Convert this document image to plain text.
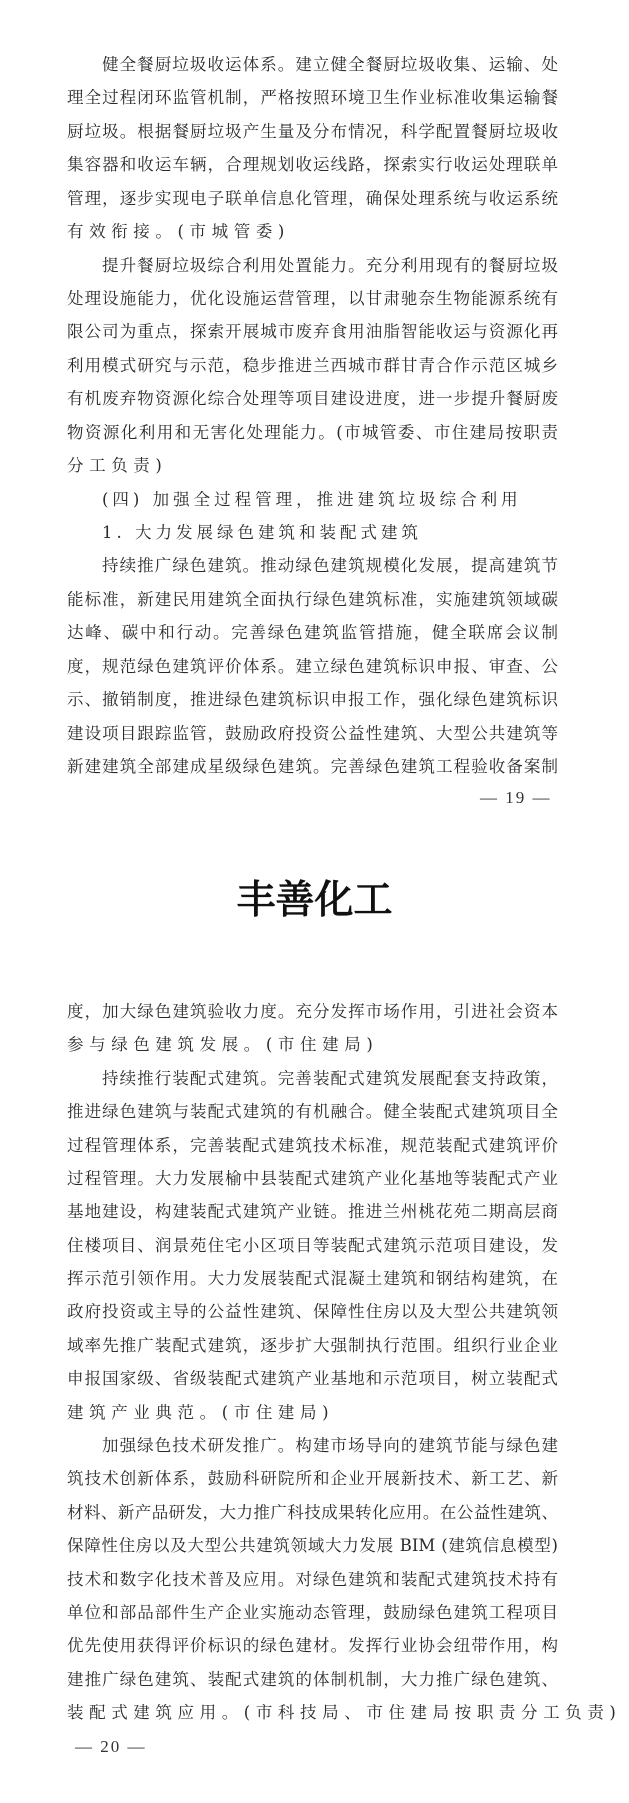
健全餐厨垃圾收运体系。建立健全餐厨垃圾收集、运输、处
理全过程闭环监管机制，严格按照环境卫生作业标准收集运输餐
厨垃圾。根据餐厨垃圾产生量及分布情况，科学配置餐厨垃圾收
集容器和收运车辆，合理规划收运线路，探索实行收运处理联单
管理，逐步实现电子联单信息化管理，确保处理系统与收运系统
有效衔接。(市城管委)
提升餐厨垃圾综合利用处置能力。充分利用现有的餐厨垃圾
处理设施能力，优化设施运营管理，以甘肃驰奈生物能源系统有
限公司为重点，探索开展城市废弃食用油脂智能收运与资源化再
利用模式研究与示范，稳步推进兰西城市群甘青合作示范区城乡
有机废弃物资源化综合处理等项目建设进度，进一步提升餐厨废
物资源化利用和无害化处理能力。(市城管委、市住建局按职责
分工负责)
(四) 加强全过程管理，推进建筑垃圾综合利用
1. 大力发展绿色建筑和装配式建筑
持续推广绿色建筑。推动绿色建筑规模化发展，提高建筑节
能标准，新建民用建筑全面执行绿色建筑标准，实施建筑领域碳
达峰、碳中和行动。完善绿色建筑监管措施，健全联席会议制
度，规范绿色建筑评价体系。建立绿色建筑标识申报、审查、公
示、撤销制度，推进绿色建筑标识申报工作，强化绿色建筑标识
建设项目跟踪监管，鼓励政府投资公益性建筑、大型公共建筑等
新建建筑全部建成星级绿色建筑。完善绿色建筑工程验收备案制
— 19 —
丰善化工
度，加大绿色建筑验收力度。充分发挥市场作用，引进社会资本
参与绿色建筑发展。(市住建局)
持续推行装配式建筑。完善装配式建筑发展配套支持政策，
推进绿色建筑与装配式建筑的有机融合。健全装配式建筑项目全
过程管理体系，完善装配式建筑技术标准，规范装配式建筑评价
过程管理。大力发展榆中县装配式建筑产业化基地等装配式产业
基地建设，构建装配式建筑产业链。推进兰州桃花苑二期高层商
住楼项目、润景苑住宅小区项目等装配式建筑示范项目建设，发
挥示范引领作用。大力发展装配式混凝土建筑和钢结构建筑，在
政府投资或主导的公益性建筑、保障性住房以及大型公共建筑领
域率先推广装配式建筑，逐步扩大强制执行范围。组织行业企业
申报国家级、省级装配式建筑产业基地和示范项目，树立装配式
建筑产业典范。(市住建局)
加强绿色技术研发推广。构建市场导向的建筑节能与绿色建
筑技术创新体系，鼓励科研院所和企业开展新技术、新工艺、新
材料、新产品研发，大力推广科技成果转化应用。在公益性建筑、
保障性住房以及大型公共建筑领域大力发展 BIM (建筑信息模型)
技术和数字化技术普及应用。对绿色建筑和装配式建筑技术持有
单位和部品部件生产企业实施动态管理，鼓励绿色建筑工程项目
优先使用获得评价标识的绿色建材。发挥行业协会纽带作用，构
建推广绿色建筑、装配式建筑的体制机制，大力推广绿色建筑、
装配式建筑应用。(市科技局、市住建局按职责分工负责)
— 20 —
